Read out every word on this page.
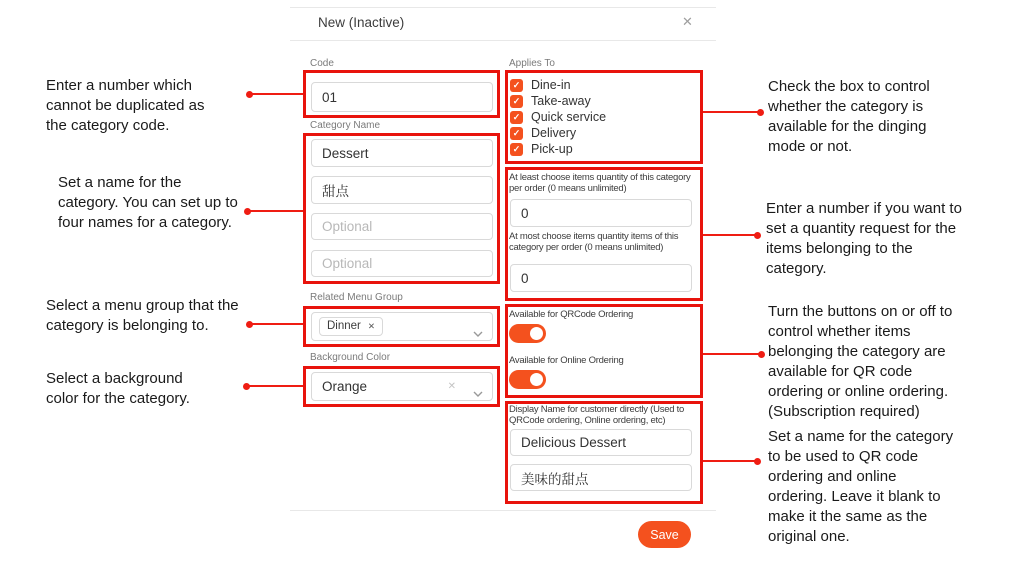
New (Inactive)	✕
Code
01
Category Name
Dessert
甜点
Optional
Optional
Related Menu Group
Dinner ✕
Background Color
Orange	✕
Applies To
✓ Dine-in
✓ Take-away
✓ Quick service
✓ Delivery
✓ Pick-up
At least choose items quantity of this category per order (0 means unlimited)
0
At most choose items quantity items of this category per order (0 means unlimited)
0
Available for QRCode Ordering
Available for Online Ordering
Display Name for customer directly (Used to QRCode ordering, Online ordering, etc)
Delicious Dessert
美味的甜点
Save
Enter a number which cannot be duplicated as the category code.
Set a name for the category. You can set up to four names for a category.
Select a menu group that the category is belonging to.
Select a background color for the category.
Check the box to control whether the category is available for the dinging mode or not.
Enter a number if you want to set a quantity request for the items belonging to the category.
Turn the buttons on or off to control whether items belonging the category are available for QR code ordering or online ordering. (Subscription required)
Set a name for the category to be used to QR code ordering and online ordering. Leave it blank to make it the same as the original one.
